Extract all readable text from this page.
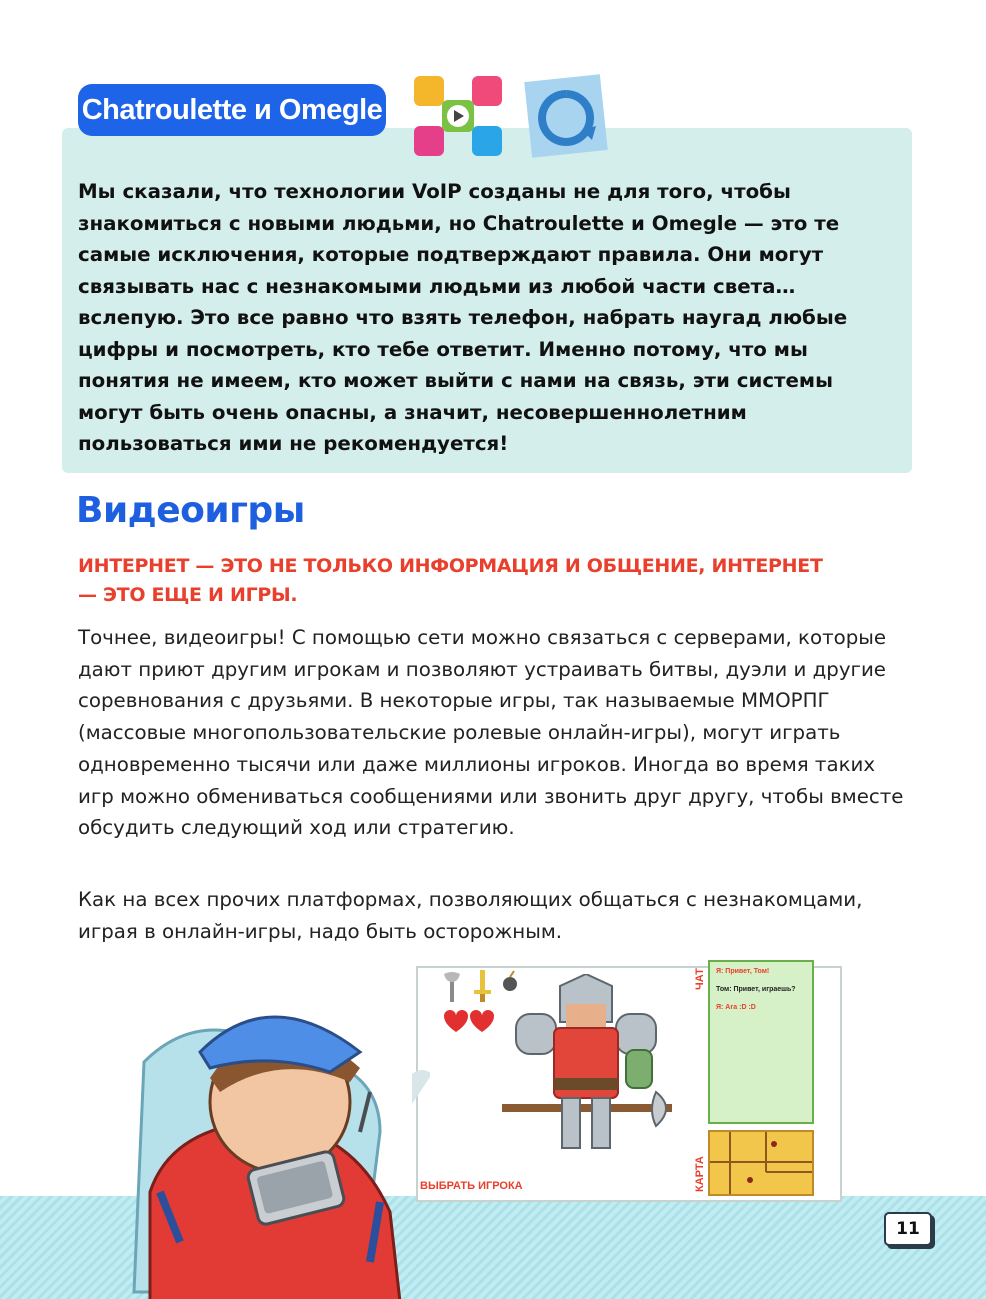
Chatroulette и Omegle

Мы сказали, что технологии VoIP созданы не для того, чтобы знакомиться с новыми людьми, но Chatroulette и Omegle — это те самые исключения, которые подтверждают правила. Они могут связывать нас с незнакомыми людьми из любой части света… вслепую. Это все равно что взять телефон, набрать наугад любые цифры и посмотреть, кто тебе ответит. Именно потому, что мы понятия не имеем, кто может выйти с нами на связь, эти системы могут быть очень опасны, а значит, несовершеннолетним пользоваться ими не рекомендуется!

Видеоигры

ИНТЕРНЕТ — ЭТО НЕ ТОЛЬКО ИНФОРМАЦИЯ И ОБЩЕНИЕ, ИНТЕРНЕТ — ЭТО ЕЩЕ И ИГРЫ.

Точнее, видеоигры! С помощью сети можно связаться с серверами, которые дают приют другим игрокам и позволяют устраивать битвы, дуэли и другие соревнования с друзьями. В некоторые игры, так называемые ММОРПГ (массовые многопользовательские ролевые онлайн-игры), могут играть одновременно тысячи или даже миллионы игроков. Иногда во время таких игр можно обмениваться сообщениями или звонить друг другу, чтобы вместе обсудить следующий ход или стратегию.

Как на всех прочих платформах, позволяющих общаться с незнакомцами, играя в онлайн-игры, надо быть осторожным.

Я: Привет, Том!
Том: Привет, играешь?
Я: Ага :D :D
ЧАТ
КАРТА
ВЫБРАТЬ ИГРОКА
11
